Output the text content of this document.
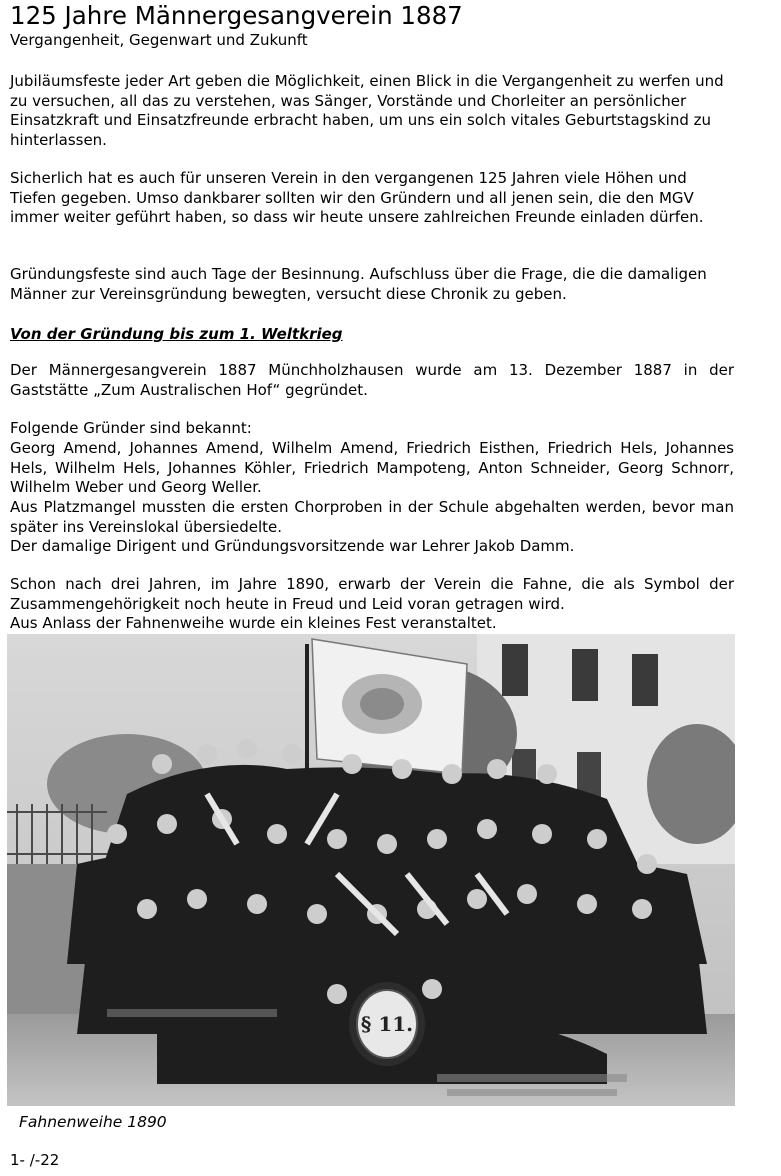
125 Jahre Männergesangverein 1887
Vergangenheit, Gegenwart und Zukunft

Jubiläumsfeste jeder Art geben die Möglichkeit, einen Blick in die Vergangenheit zu werfen und zu versuchen, all das zu verstehen, was Sänger, Vorstände und Chorleiter an persönlicher Einsatzkraft und Einsatzfreunde erbracht haben, um uns ein solch vitales Geburtstagskind zu hinterlassen.

Sicherlich hat es auch für unseren Verein in den vergangenen 125 Jahren viele Höhen und Tiefen gegeben. Umso dankbarer sollten wir den Gründern und all jenen sein, die den MGV immer weiter geführt haben, so dass wir heute unsere zahlreichen Freunde einladen dürfen.

Gründungsfeste sind auch Tage der Besinnung. Aufschluss über die Frage, die die damaligen Männer zur Vereinsgründung bewegten, versucht diese Chronik zu geben.

Von der Gründung bis zum 1. Weltkrieg

Der Männergesangverein 1887 Münchholzhausen wurde am 13. Dezember 1887 in der Gaststätte „Zum Australischen Hof“ gegründet.

Folgende Gründer sind bekannt:

Georg Amend, Johannes Amend, Wilhelm Amend, Friedrich Eisthen, Friedrich Hels, Johannes Hels, Wilhelm Hels, Johannes Köhler, Friedrich Mampoteng, Anton Schneider, Georg Schnorr, Wilhelm Weber und Georg Weller.

Aus Platzmangel mussten die ersten Chorproben in der Schule abgehalten werden, bevor man später ins Vereinslokal übersiedelte.

Der damalige Dirigent und Gründungsvorsitzende war Lehrer Jakob Damm.

Schon nach drei Jahren, im Jahre 1890, erwarb der Verein die Fahne, die als Symbol der Zusammengehörigkeit noch heute in Freud und Leid voran getragen wird.

Aus Anlass der Fahnenweihe wurde ein kleines Fest veranstaltet.

§ 11.
Fahnenweihe 1890
1- /-22
